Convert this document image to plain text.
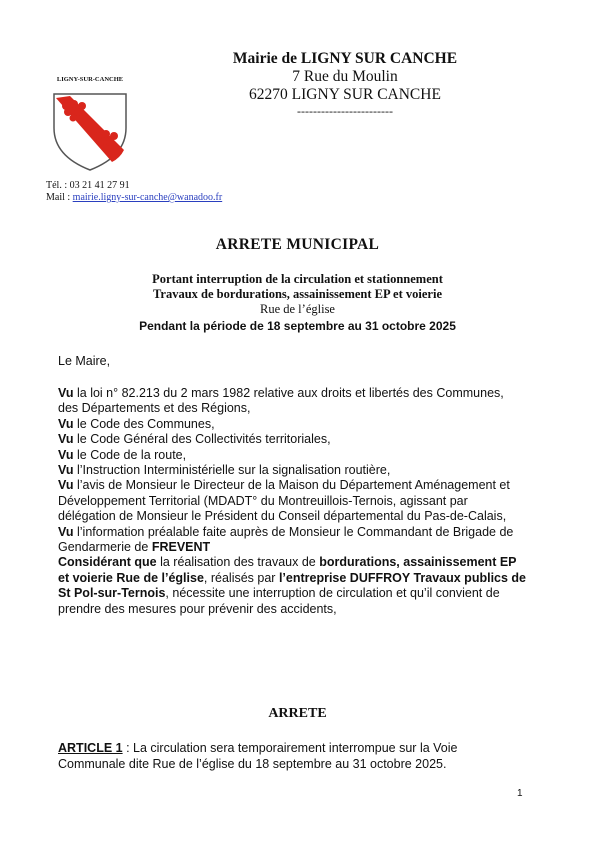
Mairie de LIGNY SUR CANCHE
7 Rue du Moulin
62270 LIGNY SUR CANCHE
------------------------
LIGNY-SUR-CANCHE
Tél. : 03 21 41 27 91
Mail : mairie.ligny-sur-canche@wanadoo.fr
ARRETE MUNICIPAL
Portant interruption de la circulation et stationnement
Travaux de bordurations, assainissement EP et voierie
Rue de l’église
Pendant la période de 18 septembre au 31 octobre 2025
Le Maire,

Vu la loi n° 82.213 du 2 mars 1982 relative aux droits et libertés des Communes, des Départements et des Régions,

Vu le Code des Communes,

Vu le Code Général des Collectivités territoriales,

Vu le Code de la route,

Vu l’Instruction Interministérielle sur la signalisation routière,

Vu l’avis de Monsieur le Directeur de la Maison du Département Aménagement et Développement Territorial (MDADT° du Montreuillois-Ternois, agissant par délégation de Monsieur le Président du Conseil départemental du Pas-de-Calais,

Vu l’information préalable faite auprès de Monsieur le Commandant de Brigade de Gendarmerie de FREVENT

Considérant que la réalisation des travaux de bordurations, assainissement EP et voierie Rue de l’église, réalisés par l’entreprise DUFFROY Travaux publics de St Pol-sur-Ternois, nécessite une interruption de circulation et qu’il convient de prendre des mesures pour prévenir des accidents,

ARRETE
ARTICLE 1 : La circulation sera temporairement interrompue sur la Voie Communale dite Rue de l’église du 18 septembre au 31 octobre 2025.
1
